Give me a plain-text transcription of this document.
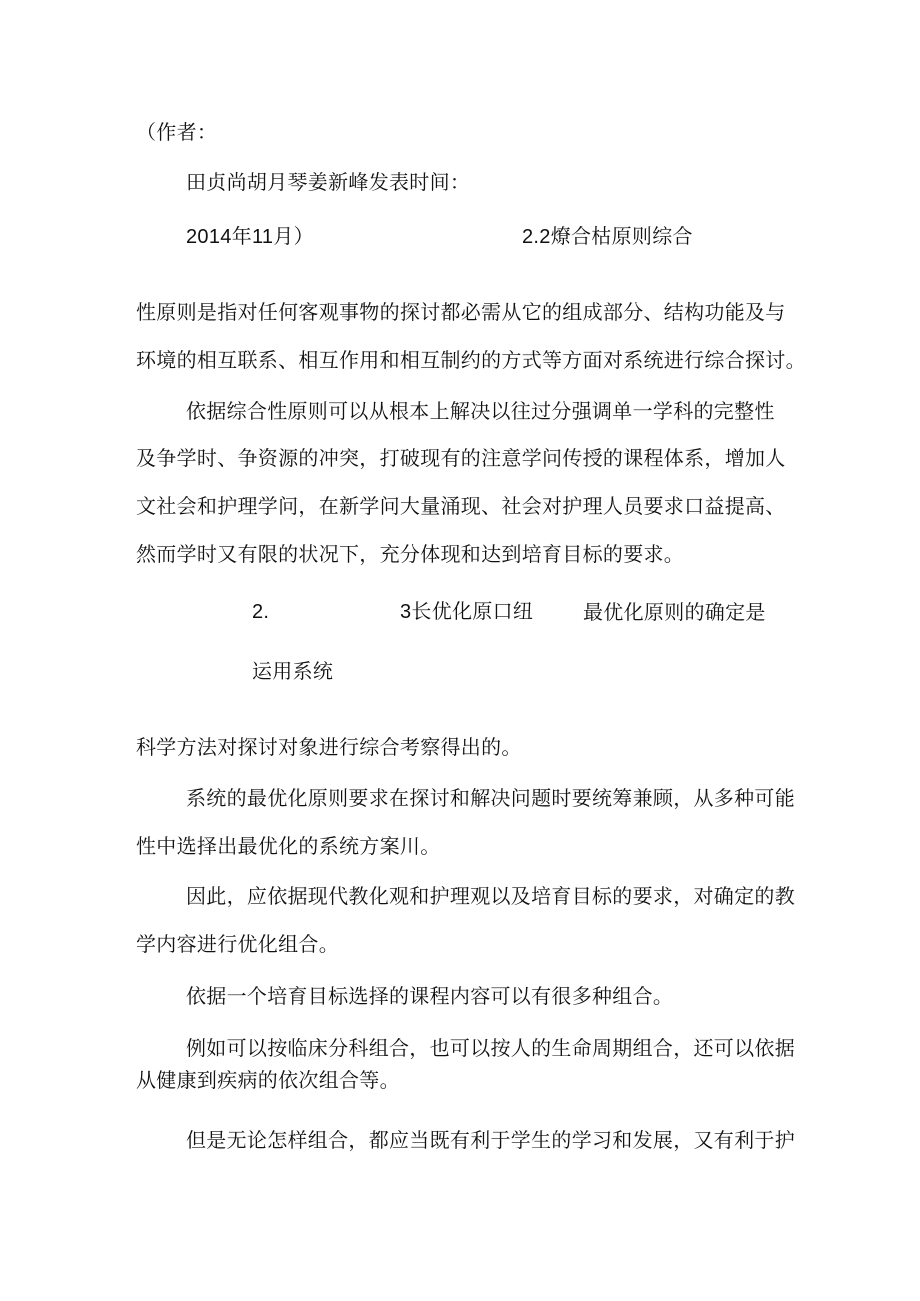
（作者：
田贞尚胡月琴姜新峰发表时间：
2014年11月）	2.2燎合枯原则综合
性原则是指对任何客观事物的探讨都必需从它的组成部分、结构功能及与
环境的相互联系、相互作用和相互制约的方式等方面对系统进行综合探讨。
依据综合性原则可以从根本上解决以往过分强调单一学科的完整性
及争学时、争资源的冲突，打破现有的注意学问传授的课程体系，增加人
文社会和护理学问，在新学问大量涌现、社会对护理人员要求口益提高、
然而学时又有限的状况下，充分体现和达到培育目标的要求。
2.	3长优化原口纽 最优化原则的确定是
运用系统
科学方法对探讨对象进行综合考察得出的。
系统的最优化原则要求在探讨和解决问题时要统筹兼顾，从多种可能
性中选择出最优化的系统方案川。
因此，应依据现代教化观和护理观以及培育目标的要求，对确定的教
学内容进行优化组合。
依据一个培育目标选择的课程内容可以有很多种组合。
例如可以按临床分科组合，也可以按人的生命周期组合，还可以依据
从健康到疾病的依次组合等。
但是无论怎样组合，都应当既有利于学生的学习和发展，又有利于护
